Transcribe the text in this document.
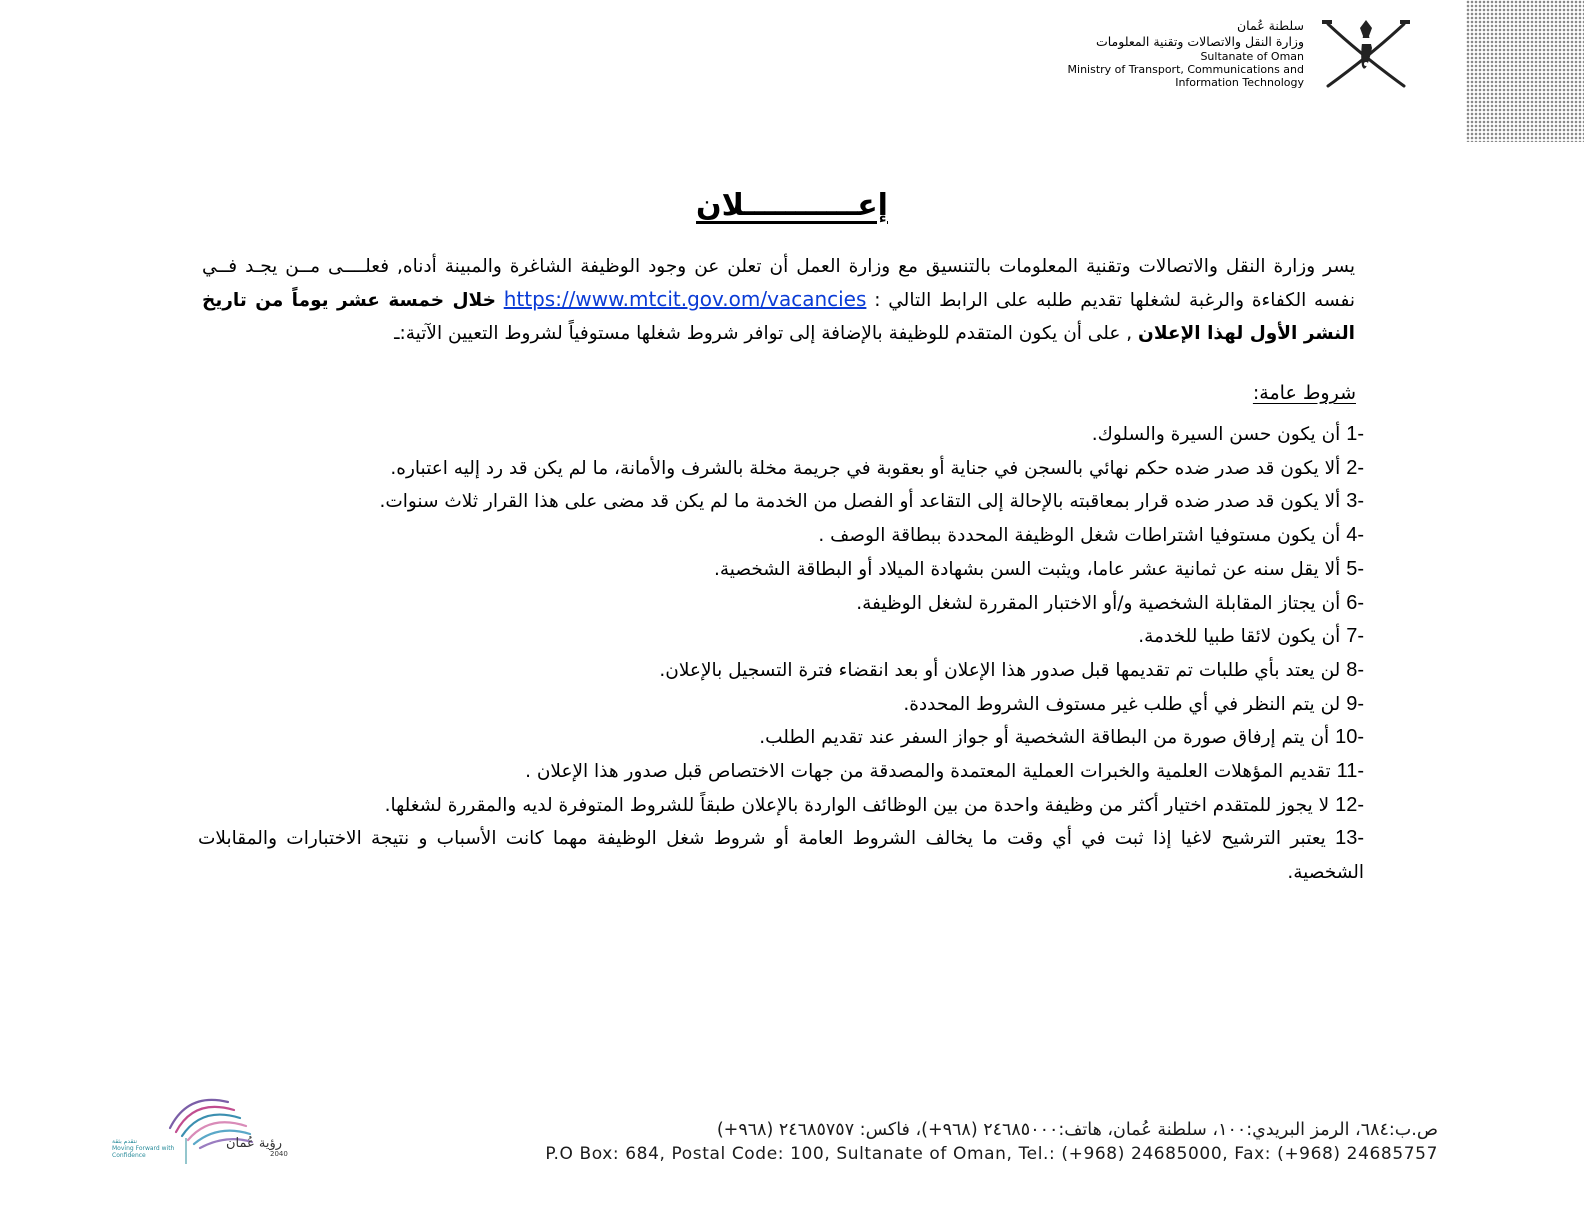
سلطنة عُمان
وزارة النقل والاتصالات وتقنية المعلومات
Sultanate of Oman
Ministry of Transport, Communications and
Information Technology
إعـــــــــــلان
يسر وزارة النقل والاتصالات وتقنية المعلومات بالتنسيق مع وزارة العمل أن تعلن عن وجود الوظيفة الشاغرة والمبينة أدناه, فعلــــى مــن يجـد فــي نفسه الكفاءة والرغبة لشغلها تقديم طلبه على الرابط التالي : https://www.mtcit.gov.om/vacancies خلال خمسة عشر يوماً من تاريخ النشر الأول لهذا الإعلان , على أن يكون المتقدم للوظيفة بالإضافة إلى توافر شروط شغلها مستوفياً لشروط التعيين الآتية:ـ
شروط عامة:
1- أن يكون حسن السيرة والسلوك.
2- ألا يكون قد صدر ضده حكم نهائي بالسجن في جناية أو بعقوبة في جريمة مخلة بالشرف والأمانة، ما لم يكن قد رد إليه اعتباره.
3- ألا يكون قد صدر ضده قرار بمعاقبته بالإحالة إلى التقاعد أو الفصل من الخدمة ما لم يكن قد مضى على هذا القرار ثلاث سنوات.
4- أن يكون مستوفيا اشتراطات شغل الوظيفة المحددة ببطاقة الوصف .
5- ألا يقل سنه عن ثمانية عشر عاما، ويثبت السن بشهادة الميلاد أو البطاقة الشخصية.
6- أن يجتاز المقابلة الشخصية و/أو الاختبار المقررة لشغل الوظيفة.
7- أن يكون لائقا طبيا للخدمة.
8- لن يعتد بأي طلبات تم تقديمها قبل صدور هذا الإعلان أو بعد انقضاء فترة التسجيل بالإعلان.
9- لن يتم النظر في أي طلب غير مستوف الشروط المحددة.
10- أن يتم إرفاق صورة من البطاقة الشخصية أو جواز السفر عند تقديم الطلب.
11- تقديم المؤهلات العلمية والخبرات العملية المعتمدة والمصدقة من جهات الاختصاص قبل صدور هذا الإعلان .
12- لا يجوز للمتقدم اختيار أكثر من وظيفة واحدة من بين الوظائف الواردة بالإعلان طبقاً للشروط المتوفرة لديه والمقررة لشغلها.
13- يعتبر الترشيح لاغيا إذا ثبت في أي وقت ما يخالف الشروط العامة أو شروط شغل الوظيفة مهما كانت الأسباب و نتيجة الاختبارات والمقابلات الشخصية.
نتقدم بثقة
Moving Forward with Confidence
رؤية عُمان
2040
ص.ب:٦٨٤، الرمز البريدي:١٠٠، سلطنة عُمان، هاتف:٢٤٦٨٥٠٠٠ (٩٦٨+)، فاكس: ٢٤٦٨٥٧٥٧ (٩٦٨+)
P.O Box: 684, Postal Code: 100, Sultanate of Oman, Tel.: (+968) 24685000, Fax: (+968) 24685757
